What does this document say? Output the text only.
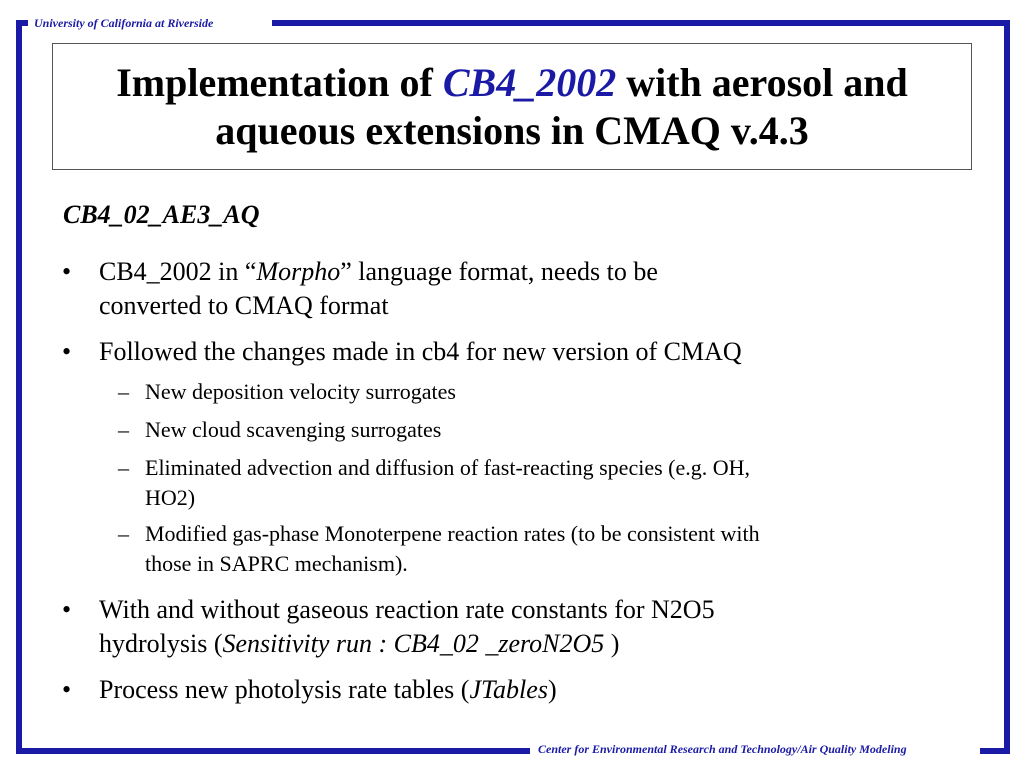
University of California at Riverside
Center for Environmental Research and Technology/Air Quality Modeling
Implementation of CB4_2002 with aerosol and
aqueous extensions in CMAQ v.4.3
CB4_02_AE3_AQ
• CB4_2002 in “Morpho” language format, needs to be
converted to CMAQ format
• Followed the changes made in cb4 for new version of CMAQ
– New deposition velocity surrogates
– New cloud scavenging surrogates
– Eliminated advection and diffusion of fast-reacting species (e.g. OH,
HO2)
– Modified gas-phase Monoterpene reaction rates (to be consistent with
those in SAPRC mechanism).
• With and without gaseous reaction rate constants for N2O5
hydrolysis (Sensitivity run : CB4_02 _zeroN2O5 )
• Process new photolysis rate tables (JTables)
